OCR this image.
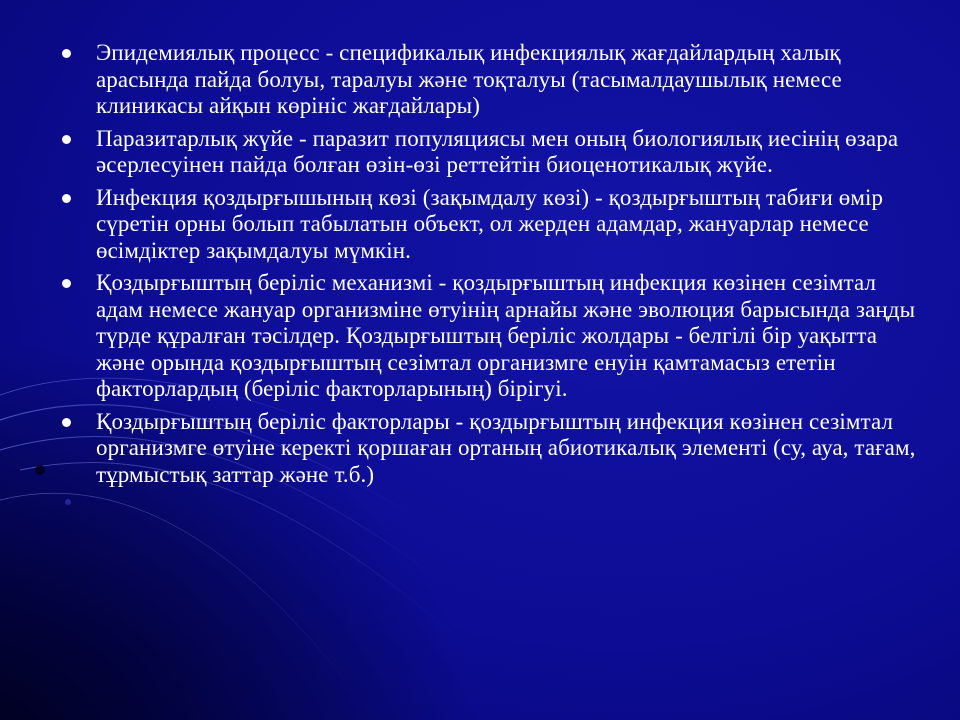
Эпидемиялық процесс - спецификалық инфекциялық жағдайлардың халық арасында пайда болуы, таралуы және тоқталуы (тасымалдаушылық немесе клиникасы айқын көрініс жағдайлары)
Паразитарлық жүйе - паразит популяциясы мен оның биологиялық иесінің өзара әсерлесуінен пайда болған өзін-өзі реттейтін биоценотикалық жүйе.
Инфекция қоздырғышының көзі (зақымдалу көзі) - қоздырғыштың табиғи өмір сүретін орны болып табылатын объект, ол жерден адамдар, жануарлар немесе өсімдіктер зақымдалуы мүмкін.
Қоздырғыштың беріліс механизмі - қоздырғыштың инфекция көзінен сезімтал адам немесе жануар организміне өтуінің арнайы және эволюция барысында заңды түрде құралған тәсілдер. Қоздырғыштың беріліс жолдары - белгілі бір уақытта және орында қоздырғыштың сезімтал организмге енуін қамтамасыз ететін факторлардың (беріліс факторларының) бірігуі.
Қоздырғыштың беріліс факторлары - қоздырғыштың инфекция көзінен сезімтал организмге өтуіне керекті қоршаған ортаның абиотикалық элементі (су, ауа, тағам, тұрмыстық заттар және т.б.)
